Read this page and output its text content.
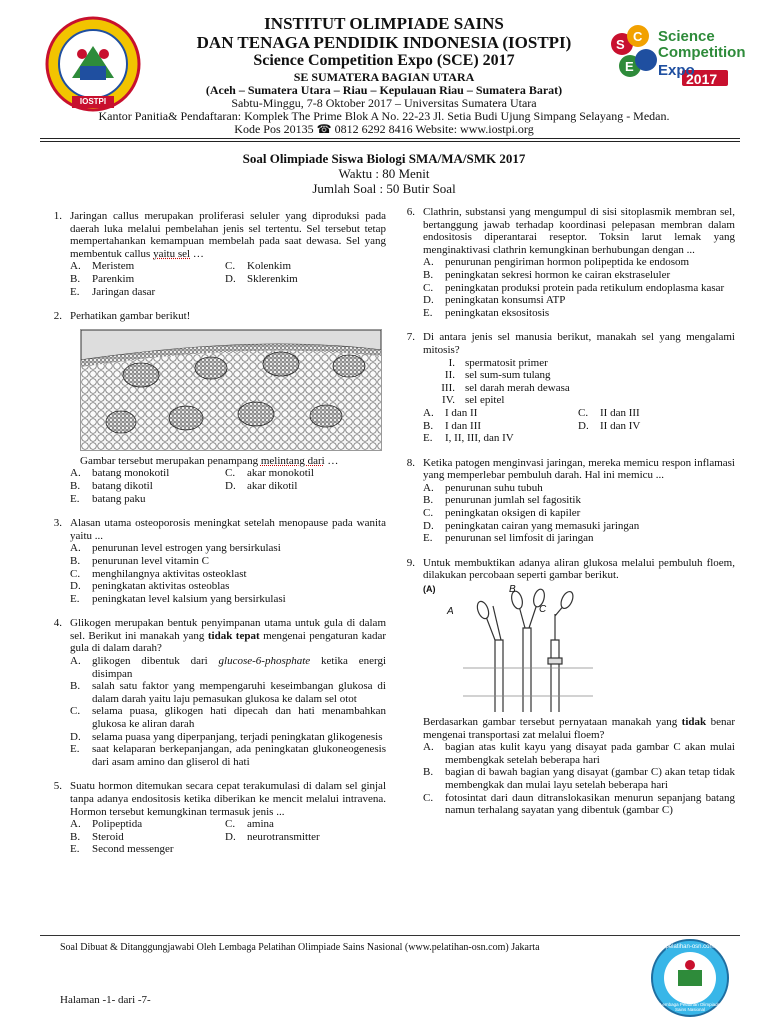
IOSTPI
S
C
E
Science
Competition
Expo
2017
INSTITUT OLIMPIADE SAINS
DAN TENAGA PENDIDIK INDONESIA (IOSTPI)
Science Competition Expo (SCE) 2017
SE SUMATERA BAGIAN UTARA
(Aceh – Sumatera Utara – Riau – Kepulauan Riau – Sumatera Barat)
Sabtu-Minggu, 7-8 Oktober 2017 – Universitas Sumatera Utara
Kantor Panitia& Pendaftaran: Komplek The Prime Blok A No. 22-23 Jl. Setia Budi Ujung Simpang Selayang - Medan.
Kode Pos 20135 ☎ 0812 6292 8416 Website: www.iostpi.org
Soal Olimpiade Siswa Biologi SMA/MA/SMK 2017
Waktu : 80 Menit
Jumlah Soal : 50 Butir Soal
1. Jaringan callus merupakan proliferasi seluler yang diproduksi pada daerah luka melalui pembelahan jenis sel tertentu. Sel tersebut tetap mempertahankan kemampuan membelah pada saat dewasa. Sel yang membentuk callus yaitu sel …
A.	Meristem	C.	Kolenkim
B.	Parenkim	D.	Sklerenkim
E.	Jaringan dasar
2. Perhatikan gambar berikut!
Gambar tersebut merupakan penampang melintang dari …
A.	batang monokotil	C.	akar monokotil
B.	batang dikotil	D.	akar dikotil
E.	batang paku
3. Alasan utama osteoporosis meningkat setelah menopause pada wanita yaitu ...
A.	penurunan level estrogen yang bersirkulasi
B.	penurunan level vitamin C
C.	menghilangnya aktivitas osteoklast
D.	peningkatan aktivitas osteoblas
E.	peningkatan level kalsium yang bersirkulasi
4. Glikogen merupakan bentuk penyimpanan utama untuk gula di dalam sel. Berikut ini manakah yang tidak tepat mengenai pengaturan kadar gula di dalam darah?
A.	glikogen dibentuk dari glucose-6-phosphate ketika energi disimpan
B.	salah satu faktor yang mempengaruhi keseimbangan glukosa di dalam darah yaitu laju pemasukan glukosa ke dalam sel otot
C.	selama puasa, glikogen hati dipecah dan hati menambahkan glukosa ke aliran darah
D.	selama puasa yang diperpanjang, terjadi peningkatan glikogenesis
E.	saat kelaparan berkepanjangan, ada peningkatan glukoneogenesis dari asam amino dan gliserol di hati
5. Suatu hormon ditemukan secara cepat terakumulasi di dalam sel ginjal tanpa adanya endositosis ketika diberikan ke mencit melalui intravena. Hormon tersebut kemungkinan termasuk jenis ...
A.	Polipeptida	C.	amina
B.	Steroid	D.	neurotransmitter
E.	Second messenger
6. Clathrin, substansi yang mengumpul di sisi sitoplasmik membran sel, bertanggung jawab terhadap koordinasi pelepasan membran dalam endositosis diperantarai reseptor. Toksin larut lemak yang menginaktivasi clathrin kemungkinan berhubungan dengan ...
A.	penurunan pengiriman hormon polipeptida ke endosom
B.	peningkatan sekresi hormon ke cairan ekstraseluler
C.	peningkatan produksi protein pada retikulum endoplasma kasar
D.	peningkatan konsumsi ATP
E.	peningkatan eksositosis
7. Di antara jenis sel manusia berikut, manakah sel yang mengalami mitosis?
I. spermatosit primer
II. sel sum-sum tulang
III. sel darah merah dewasa
IV. sel epitel
A.	I dan II	C.	II dan III
B.	I dan III	D.	II dan IV
E.	I, II, III, dan IV
8. Ketika patogen menginvasi jaringan, mereka memicu respon inflamasi yang memperlebar pembuluh darah. Hal ini memicu ...
A.	penurunan suhu tubuh
B.	penurunan jumlah sel fagositik
C.	peningkatan oksigen di kapiler
D.	peningkatan cairan yang memasuki jaringan
E.	penurunan sel limfosit di jaringan
9. Untuk membuktikan adanya aliran glukosa melalui pembuluh floem, dilakukan percobaan seperti gambar berikut.
(A)
A
B
C
Berdasarkan gambar tersebut pernyataan manakah yang tidak benar mengenai transportasi zat melalui floem?
A.	bagian atas kulit kayu yang disayat pada gambar C akan mulai membengkak setelah beberapa hari
B.	bagian di bawah bagian yang disayat (gambar C) akan tetap tidak membengkak dan mulai layu setelah beberapa hari
C.	fotosintat dari daun ditranslokasikan menurun sepanjang batang namun terhalang sayatan yang dibentuk (gambar C)
Soal Dibuat & Ditanggungjawabi Oleh Lembaga Pelatihan Olimpiade Sains Nasional (www.pelatihan-osn.com) Jakarta
Halaman -1- dari -7-
pelatihan-osn.com
Lembaga Pelatihan Olimpiade Sains Nasional
